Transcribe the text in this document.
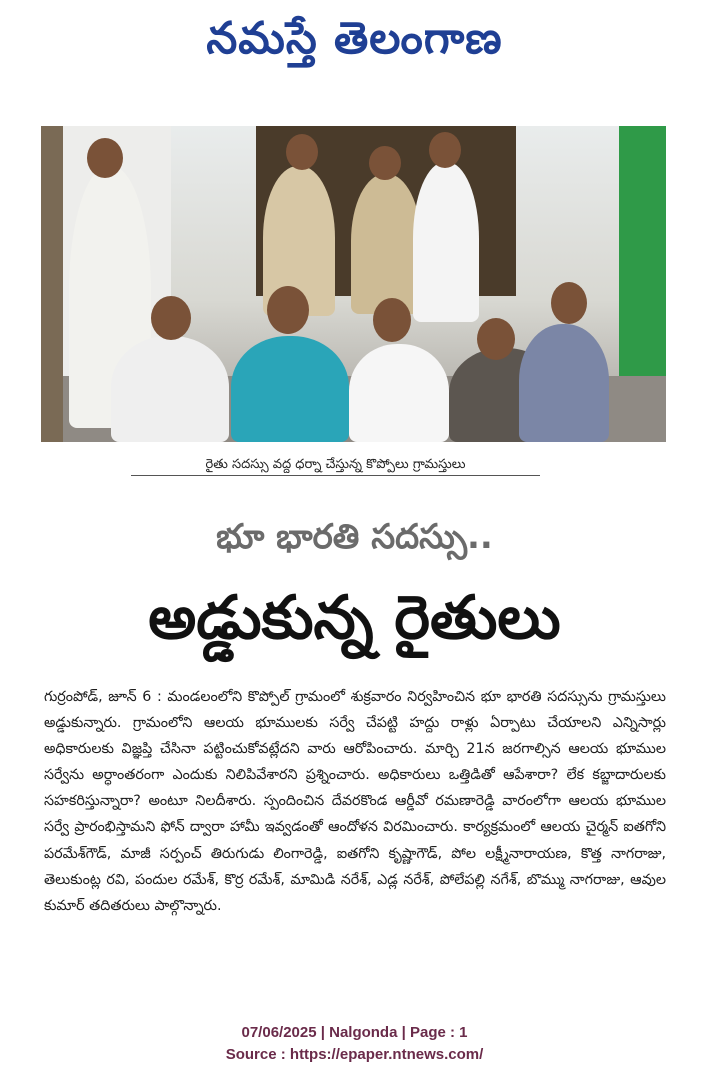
నమస్తే తెలంగాణ
రైతు సదస్సు వద్ద ధర్నా చేస్తున్న కొప్పోలు గ్రామస్తులు
భూ భారతి సదస్సు..
అడ్డుకున్న రైతులు
గుర్రంపోడ్, జూన్ 6 : మండలంలోని కొప్పోల్ గ్రామంలో శుక్రవారం నిర్వహించిన భూ భారతి సదస్సును గ్రామస్తులు అడ్డుకున్నారు. గ్రామంలోని ఆలయ భూములకు సర్వే చేపట్టి హద్దు రాళ్లు ఏర్పాటు చేయాలని ఎన్నిసార్లు అధికారులకు విజ్ఞప్తి చేసినా పట్టించుకోవట్లేదని వారు ఆరోపించారు. మార్చి 21న జరగాల్సిన ఆలయ భూముల సర్వేను అర్ధాంతరంగా ఎందుకు నిలిపివేశారని ప్రశ్నించారు. అధికారులు ఒత్తిడితో ఆపేశారా? లేక కబ్జాదారులకు సహకరిస్తున్నారా? అంటూ నిలదీశారు. స్పందించిన దేవరకొండ ఆర్డీవో రమణారెడ్డి వారంలోగా ఆలయ భూముల సర్వే ప్రారంభిస్తామని ఫోన్ ద్వారా హామీ ఇవ్వడంతో ఆందోళన విరమించారు. కార్యక్రమంలో ఆలయ చైర్మన్ ఐతగోని పరమేశ్‌గౌడ్, మాజీ సర్పంచ్ తిరుగుడు లింగారెడ్డి, ఐతగోని కృష్ణాగౌడ్, పోల లక్ష్మీనారాయణ, కొత్త నాగరాజు, తెలుకుంట్ల రవి, పందుల రమేశ్, కొర్ర రమేశ్, మామిడి నరేశ్, ఎడ్ల నరేశ్, పోలేపల్లి నగేశ్, బొమ్ము నాగరాజు, ఆవుల కుమార్ తదితరులు పాల్గొన్నారు.
07/06/2025 | Nalgonda | Page : 1
Source : https://epaper.ntnews.com/
